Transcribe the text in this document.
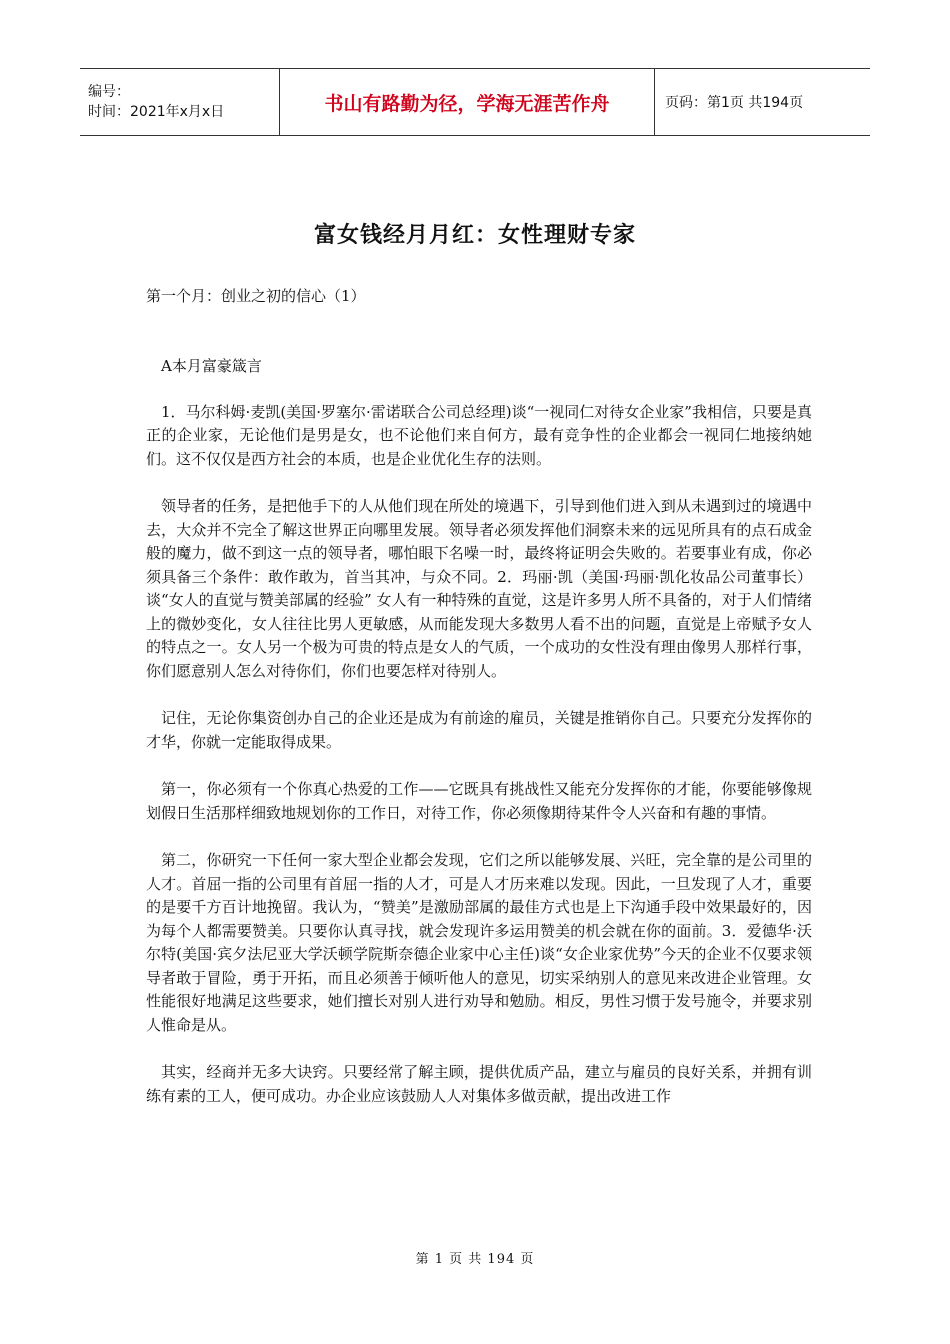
编号：
时间：2021年x月x日	书山有路勤为径，学海无涯苦作舟	页码：第1页 共194页
富女钱经月月红：女性理财专家
第一个月：创业之初的信心（1）

A本月富豪箴言

1．马尔科姆·麦凯(美国·罗塞尔·雷诺联合公司总经理)谈“一视同仁对待女企业家”我相信，只要是真正的企业家，无论他们是男是女，也不论他们来自何方，最有竞争性的企业都会一视同仁地接纳她们。这不仅仅是西方社会的本质，也是企业优化生存的法则。

领导者的任务，是把他手下的人从他们现在所处的境遇下，引导到他们进入到从未遇到过的境遇中去，大众并不完全了解这世界正向哪里发展。领导者必须发挥他们洞察未来的远见所具有的点石成金般的魔力，做不到这一点的领导者，哪怕眼下名噪一时，最终将证明会失败的。若要事业有成，你必须具备三个条件：敢作敢为，首当其冲，与众不同。2．玛丽·凯（美国·玛丽·凯化妆品公司董事长）谈“女人的直觉与赞美部属的经验” 女人有一种特殊的直觉，这是许多男人所不具备的，对于人们情绪上的微妙变化，女人往往比男人更敏感，从而能发现大多数男人看不出的问题，直觉是上帝赋予女人的特点之一。女人另一个极为可贵的特点是女人的气质，一个成功的女性没有理由像男人那样行事，你们愿意别人怎么对待你们，你们也要怎样对待别人。

记住，无论你集资创办自己的企业还是成为有前途的雇员，关键是推销你自己。只要充分发挥你的才华，你就一定能取得成果。

第一，你必须有一个你真心热爱的工作——它既具有挑战性又能充分发挥你的才能，你要能够像规划假日生活那样细致地规划你的工作日，对待工作，你必须像期待某件令人兴奋和有趣的事情。

第二，你研究一下任何一家大型企业都会发现，它们之所以能够发展、兴旺，完全靠的是公司里的人才。首屈一指的公司里有首屈一指的人才，可是人才历来难以发现。因此，一旦发现了人才，重要的是要千方百计地挽留。我认为，“赞美”是激励部属的最佳方式也是上下沟通手段中效果最好的，因为每个人都需要赞美。只要你认真寻找，就会发现许多运用赞美的机会就在你的面前。3．爱德华·沃尔特(美国·宾夕法尼亚大学沃顿学院斯奈德企业家中心主任)谈“女企业家优势”今天的企业不仅要求领导者敢于冒险，勇于开拓，而且必须善于倾听他人的意见，切实采纳别人的意见来改进企业管理。女性能很好地满足这些要求，她们擅长对别人进行劝导和勉励。相反，男性习惯于发号施令，并要求别人惟命是从。

其实，经商并无多大诀窍。只要经常了解主顾，提供优质产品，建立与雇员的良好关系，并拥有训练有素的工人，便可成功。办企业应该鼓励人人对集体多做贡献，提出改进工作

第 1 页 共 194 页
